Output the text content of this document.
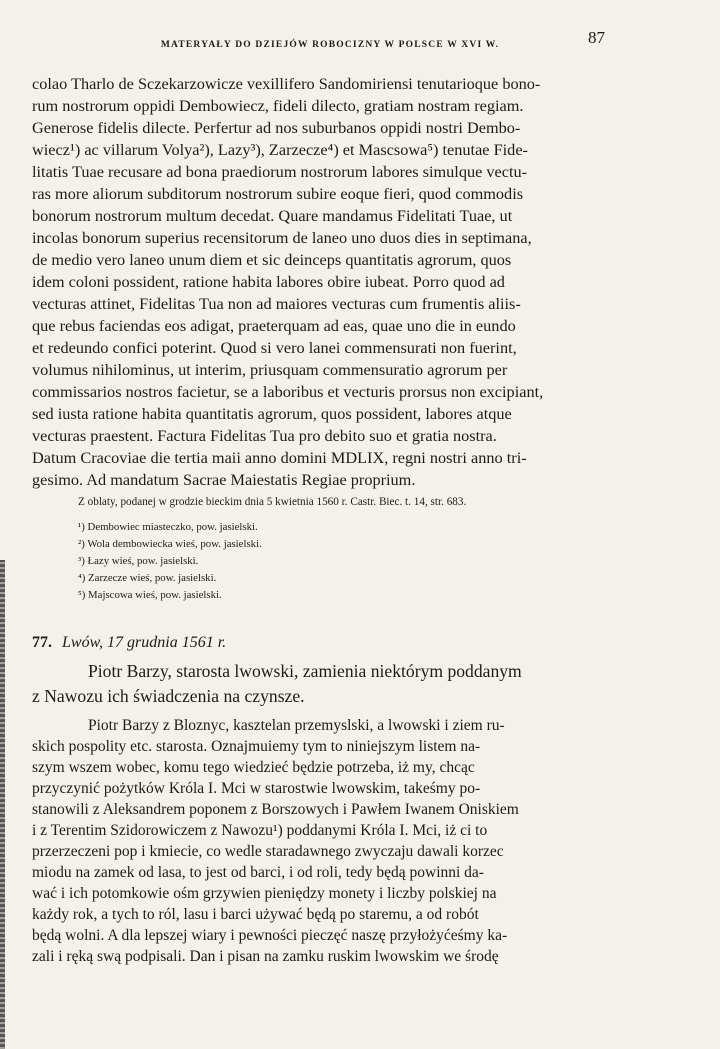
MATERYAŁY DO DZIEJÓW ROBOCIZNY W POLSCE W XVI W.	87
colao Tharlo de Sczekarzowicze vexillifero Sandomiriensi tenutarioque bono-
rum nostrorum oppidi Dembowiecz, fideli dilecto, gratiam nostram regiam.
Generose fidelis dilecte. Perfertur ad nos suburbanos oppidi nostri Dembo-
wiecz¹) ac villarum Volya²), Lazy³), Zarzecze⁴) et Mascsowa⁵) tenutae Fide-
litatis Tuae recusare ad bona praediorum nostrorum labores simulque vectu-
ras more aliorum subditorum nostrorum subire eoque fieri, quod commodis
bonorum nostrorum multum decedat. Quare mandamus Fidelitati Tuae, ut
incolas bonorum superius recensitorum de laneo uno duos dies in septimana,
de medio vero laneo unum diem et sic deinceps quantitatis agrorum, quos
idem coloni possident, ratione habita labores obire iubeat. Porro quod ad
vecturas attinet, Fidelitas Tua non ad maiores vecturas cum frumentis aliis-
que rebus faciendas eos adigat, praeterquam ad eas, quae uno die in eundo
et redeundo confici poterint. Quod si vero lanei commensurati non fuerint,
volumus nihilominus, ut interim, priusquam commensuratio agrorum per
commissarios nostros facietur, se a laboribus et vecturis prorsus non excipiant,
sed iusta ratione habita quantitatis agrorum, quos possident, labores atque
vecturas praestent. Factura Fidelitas Tua pro debito suo et gratia nostra.
Datum Cracoviae die tertia maii anno domini MDLIX, regni nostri anno tri-
gesimo. Ad mandatum Sacrae Maiestatis Regiae proprium.
Z oblaty, podanej w grodzie bieckim dnia 5 kwietnia 1560 r. Castr. Biec. t. 14, str. 683.
¹) Dembowiec miasteczko, pow. jasielski.
²) Wola dembowiecka wieś, pow. jasielski.
³) Łazy wieś, pow. jasielski.
⁴) Zarzecze wieś, pow. jasielski.
⁵) Majscowa wieś, pow. jasielski.
77. Lwów, 17 grudnia 1561 r.
Piotr Barzy, starosta lwowski, zamienia niektórym poddanym
z Nawozu ich świadczenia na czynsze.
Piotr Barzy z Bloznyc, kasztelan przemyslski, a lwowski i ziem ru-
skich pospolity etc. starosta. Oznajmuiemy tym to niniejszym listem na-
szym wszem wobec, komu tego wiedzieć będzie potrzeba, iż my, chcąc
przyczynić pożytków Króla I. Mci w starostwie lwowskim, takeśmy po-
stanowili z Aleksandrem poponem z Borszowych i Pawłem Iwanem Oniskiem
i z Terentim Szidorowiczem z Nawozu¹) poddanymi Króla I. Mci, iż ci to
przerzeczeni pop i kmiecie, co wedle staradawnego zwyczaju dawali korzec
miodu na zamek od lasa, to jest od barci, i od roli, tedy będą powinni da-
wać i ich potomkowie ośm grzywien pieniędzy monety i liczby polskiej na
każdy rok, a tych to ról, lasu i barci używać będą po staremu, a od robót
będą wolni. A dla lepszej wiary i pewności pieczęć naszę przyłożyćeśmy ka-
zali i ręką swą podpisali. Dan i pisan na zamku ruskim lwowskim we środę
